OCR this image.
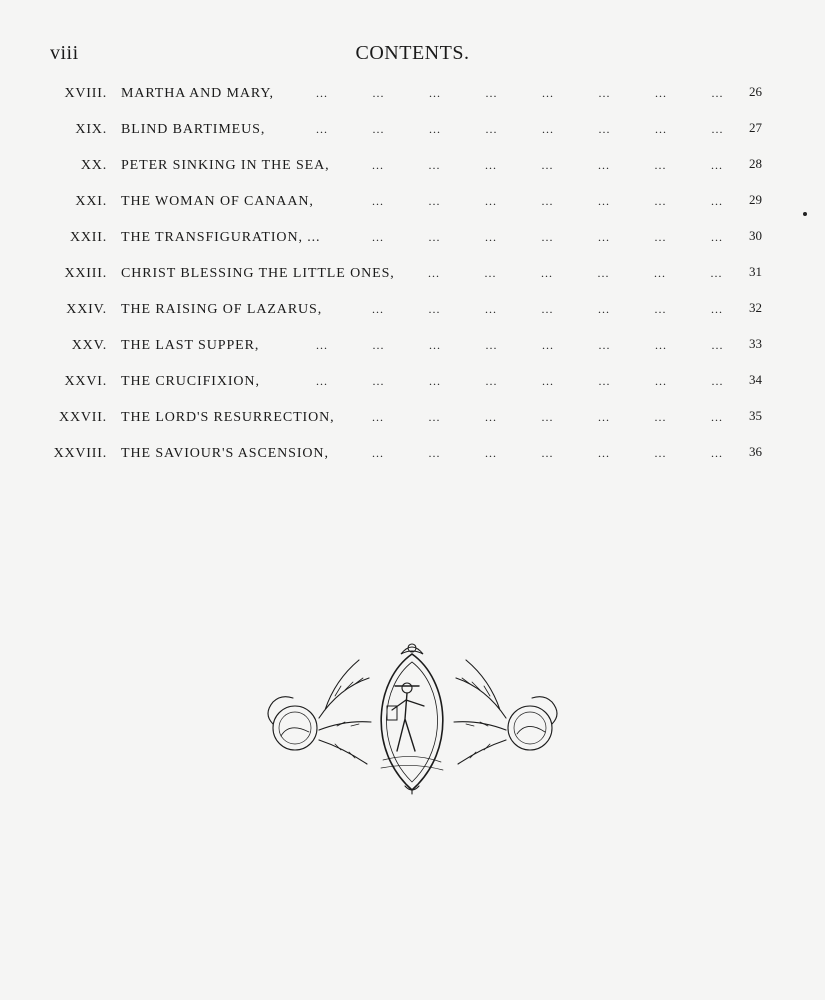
viii	CONTENTS.
XVIII. MARTHA AND MARY,	...	...	...	...	...	...	...	... 26
XIX. BLIND BARTIMEUS,	...	...	...	...	...	...	...	... 27
XX. PETER SINKING IN THE SEA,	...	...	...	...	...	...	... 28
XXI. THE WOMAN OF CANAAN,	...	...	...	...	...	...	... 29
XXII. THE TRANSFIGURATION, ...	...	...	...	...	...	...	... 30
XXIII. CHRIST BLESSING THE LITTLE ONES,	...	...	...	...	...	... 31
XXIV. THE RAISING OF LAZARUS,	...	...	...	...	...	...	... 32
XXV. THE LAST SUPPER,	...	...	...	...	...	...	...	... 33
XXVI. THE CRUCIFIXION,	...	...	...	...	...	...	...	... 34
XXVII. THE LORD'S RESURRECTION,	...	...	...	...	...	...	... 35
XXVIII. THE SAVIOUR'S ASCENSION,	...	...	...	...	...	...	... 36
